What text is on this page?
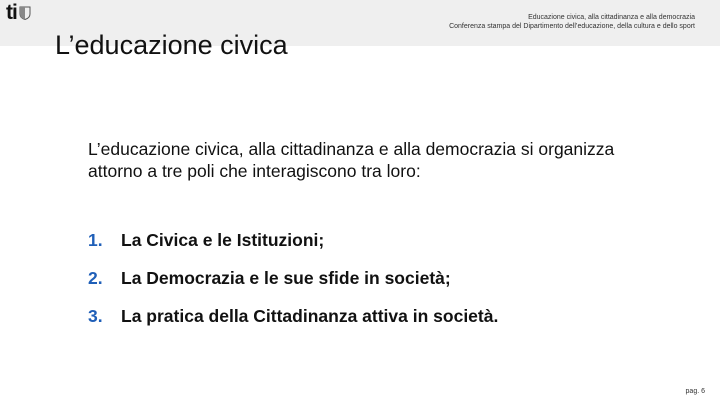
ti	Educazione civica, alla cittadinanza e alla democrazia
Conferenza stampa del Dipartimento dell’educazione, della cultura e dello sport
L’educazione civica

L’educazione civica, alla cittadinanza e alla democrazia si organizza attorno a tre poli che interagiscono tra loro:

1.	La Civica e le Istituzioni;
2.	La Democrazia e le sue sfide in società;
3.	La pratica della Cittadinanza attiva in società.
pag. 6
